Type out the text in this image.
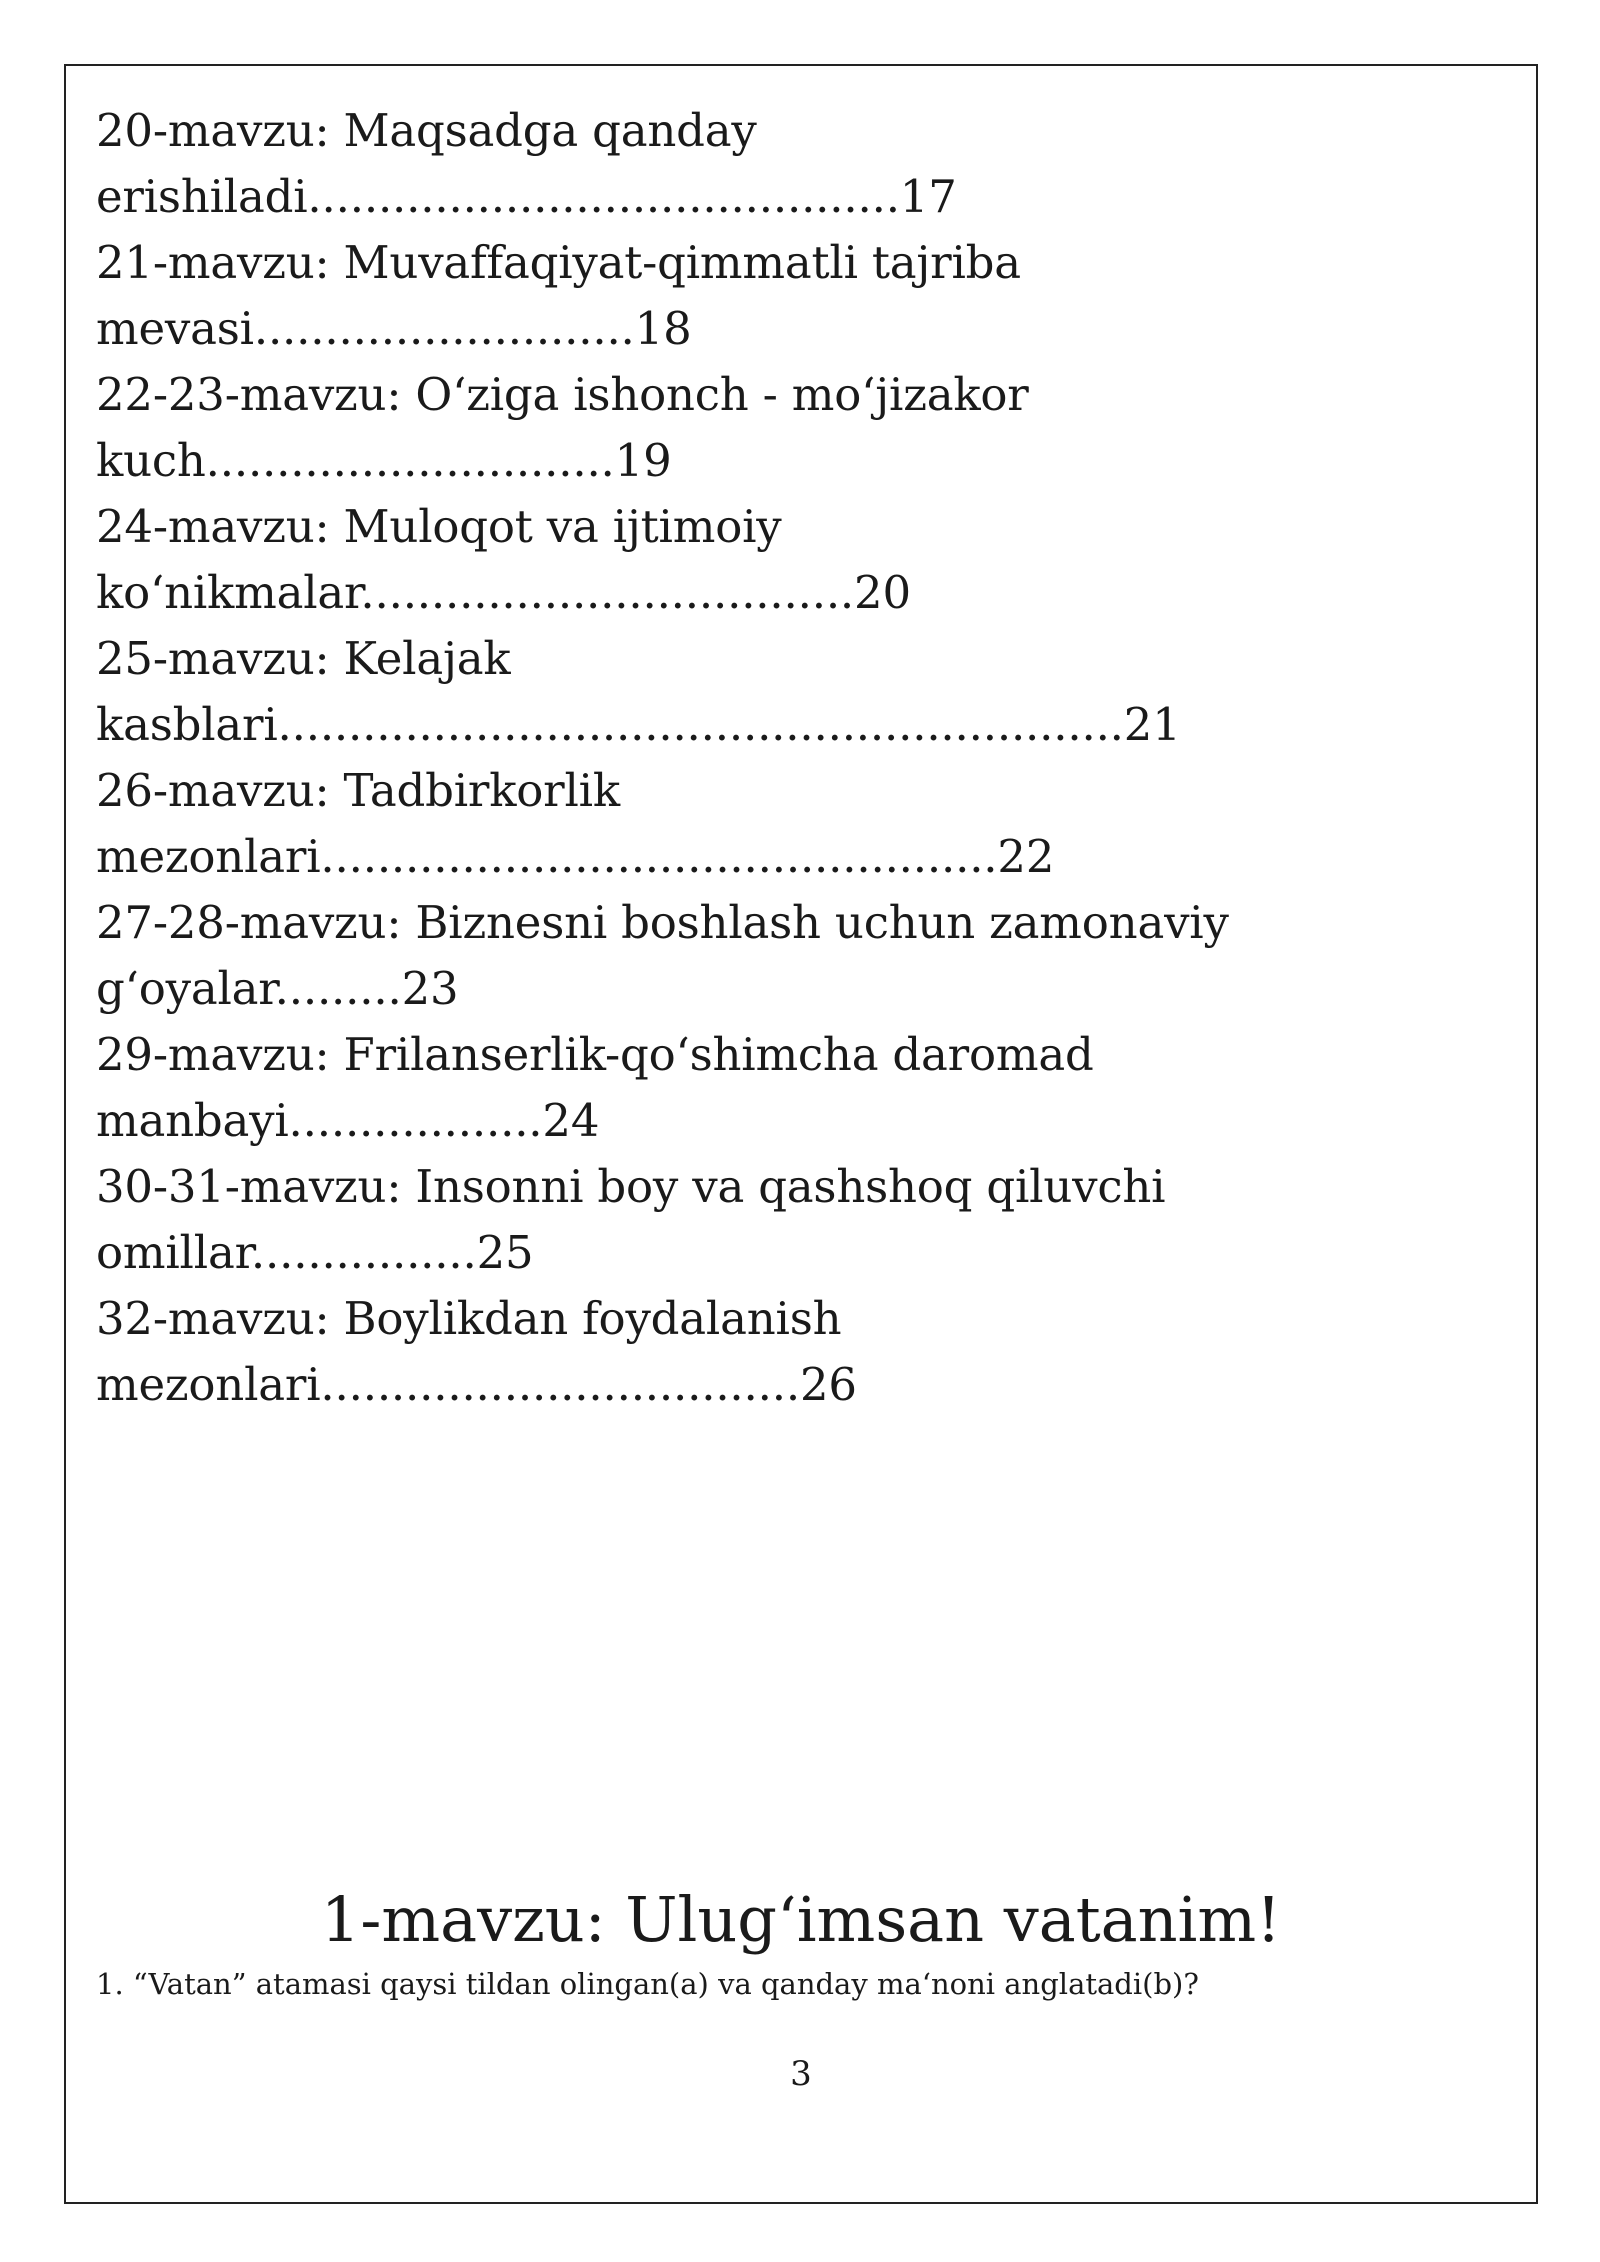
20-mavzu: Maqsadga qanday
erishiladi..........................................17
21-mavzu: Muvaffaqiyat-qimmatli tajriba
mevasi...........................18
22-23-mavzu: O‘ziga ishonch - mo‘jizakor
kuch.............................19
24-mavzu: Muloqot va ijtimoiy
ko‘nikmalar...................................20
25-mavzu: Kelajak
kasblari............................................................21
26-mavzu: Tadbirkorlik
mezonlari................................................22
27-28-mavzu: Biznesni boshlash uchun zamonaviy
g‘oyalar.........23
29-mavzu: Frilanserlik-qo‘shimcha daromad
manbayi..................24
30-31-mavzu: Insonni boy va qashshoq qiluvchi
omillar................25
32-mavzu: Boylikdan foydalanish
mezonlari..................................26
1-mavzu: Ulug‘imsan vatanim!
1. “Vatan” atamasi qaysi tildan olingan(a) va qanday ma‘noni anglatadi(b)?
3
